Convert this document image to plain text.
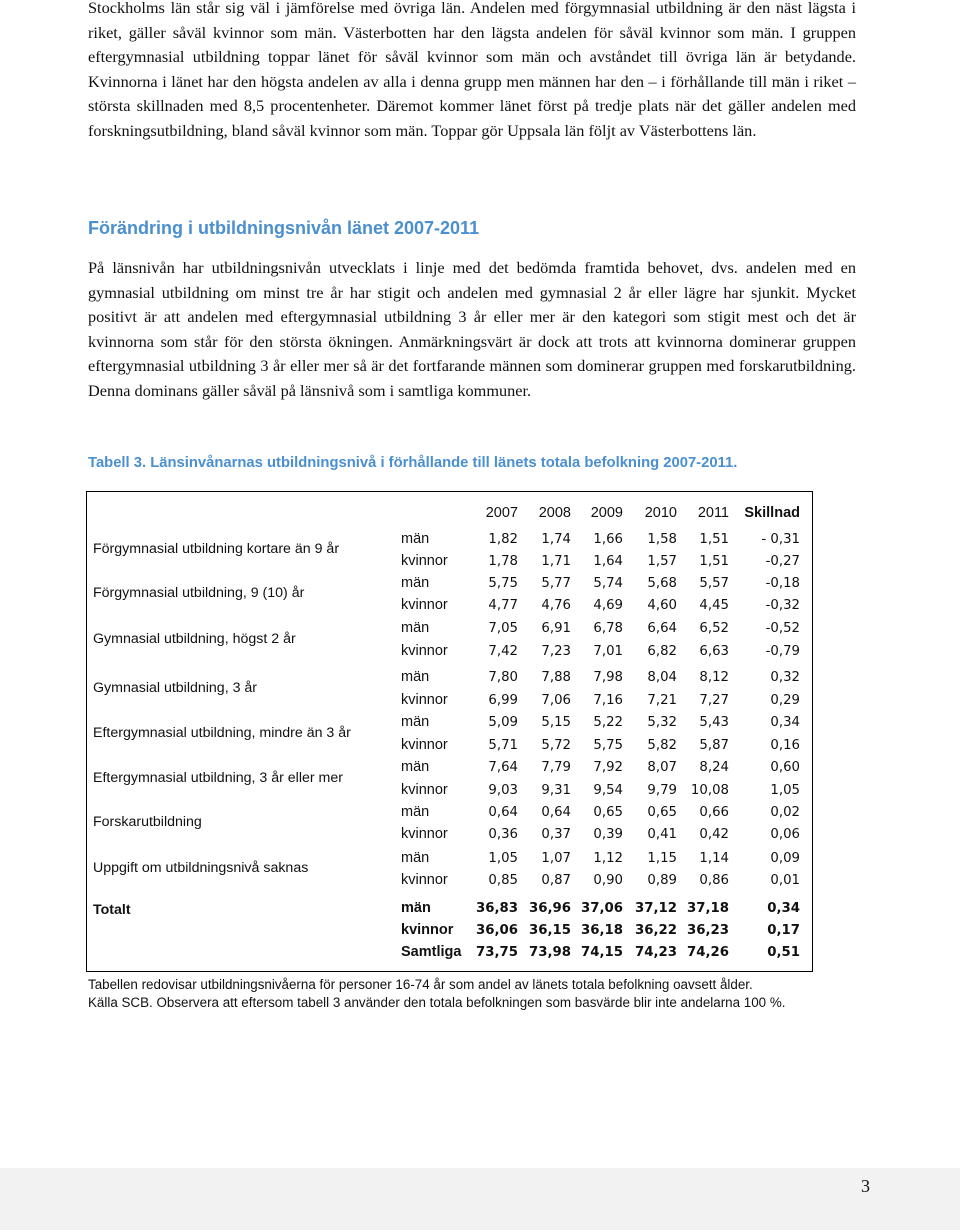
Stockholms län står sig väl i jämförelse med övriga län. Andelen med förgymnasial utbildning är den näst lägsta i riket, gäller såväl kvinnor som män. Västerbotten har den lägsta andelen för såväl kvinnor som män. I gruppen eftergymnasial utbildning toppar länet för såväl kvinnor som män och avståndet till övriga län är betydande. Kvinnorna i länet har den högsta andelen av alla i denna grupp men männen har den – i förhållande till män i riket – största skillnaden med 8,5 procentenheter. Däremot kommer länet först på tredje plats när det gäller andelen med forskningsutbildning, bland såväl kvinnor som män. Toppar gör Uppsala län följt av Västerbottens län.

Förändring i utbildningsnivån länet 2007-2011

På länsnivån har utbildningsnivån utvecklats i linje med det bedömda framtida behovet, dvs. andelen med en gymnasial utbildning om minst tre år har stigit och andelen med gymnasial 2 år eller lägre har sjunkit. Mycket positivt är att andelen med eftergymnasial utbildning 3 år eller mer är den kategori som stigit mest och det är kvinnorna som står för den största ökningen. Anmärkningsvärt är dock att trots att kvinnorna dominerar gruppen eftergymnasial utbildning 3 år eller mer så är det fortfarande männen som dominerar gruppen med forskarutbildning. Denna dominans gäller såväl på länsnivå som i samtliga kommuner.

Tabell 3. Länsinvånarnas utbildningsnivå i förhållande till länets totala befolkning 2007-2011.

2007 2008 2009 2010 2011 Skillnad
Förgymnasial utbildning kortare än 9 år
män	1,82 1,74 1,66 1,58 1,51 - 0,31
kvinnor	1,78 1,71 1,64 1,57 1,51	-0,27
Förgymnasial utbildning, 9 (10) år
män	5,75 5,77 5,74 5,68 5,57	-0,18
kvinnor	4,77 4,76 4,69 4,60 4,45	-0,32
Gymnasial utbildning, högst 2 år
män	7,05 6,91 6,78 6,64 6,52	-0,52
kvinnor	7,42 7,23 7,01 6,82 6,63	-0,79
Gymnasial utbildning, 3 år
män	7,80 7,88 7,98 8,04 8,12	0,32
kvinnor	6,99 7,06 7,16 7,21 7,27	0,29
Eftergymnasial utbildning, mindre än 3 år
män	5,09 5,15 5,22 5,32 5,43	0,34
kvinnor	5,71 5,72 5,75 5,82 5,87	0,16
Eftergymnasial utbildning, 3 år eller mer
män	7,64 7,79 7,92 8,07 8,24	0,60
kvinnor	9,03 9,31 9,54 9,79 10,08	1,05
Forskarutbildning
män	0,64 0,64 0,65 0,65 0,66	0,02
kvinnor	0,36 0,37 0,39 0,41 0,42	0,06
Uppgift om utbildningsnivå saknas
män	1,05 1,07 1,12 1,15 1,14	0,09
kvinnor	0,85 0,87 0,90 0,89 0,86	0,01
Totalt	män	36,83 36,96 37,06 37,12 37,18	0,34
kvinnor 36,06 36,15 36,18 36,22 36,23	0,17
Samtliga 73,75 73,98 74,15 74,23 74,26	0,51
Tabellen redovisar utbildningsnivåerna för personer 16-74 år som andel av länets totala befolkning oavsett ålder.
Källa SCB. Observera att eftersom tabell 3 använder den totala befolkningen som basvärde blir inte andelarna 100 %.
3
